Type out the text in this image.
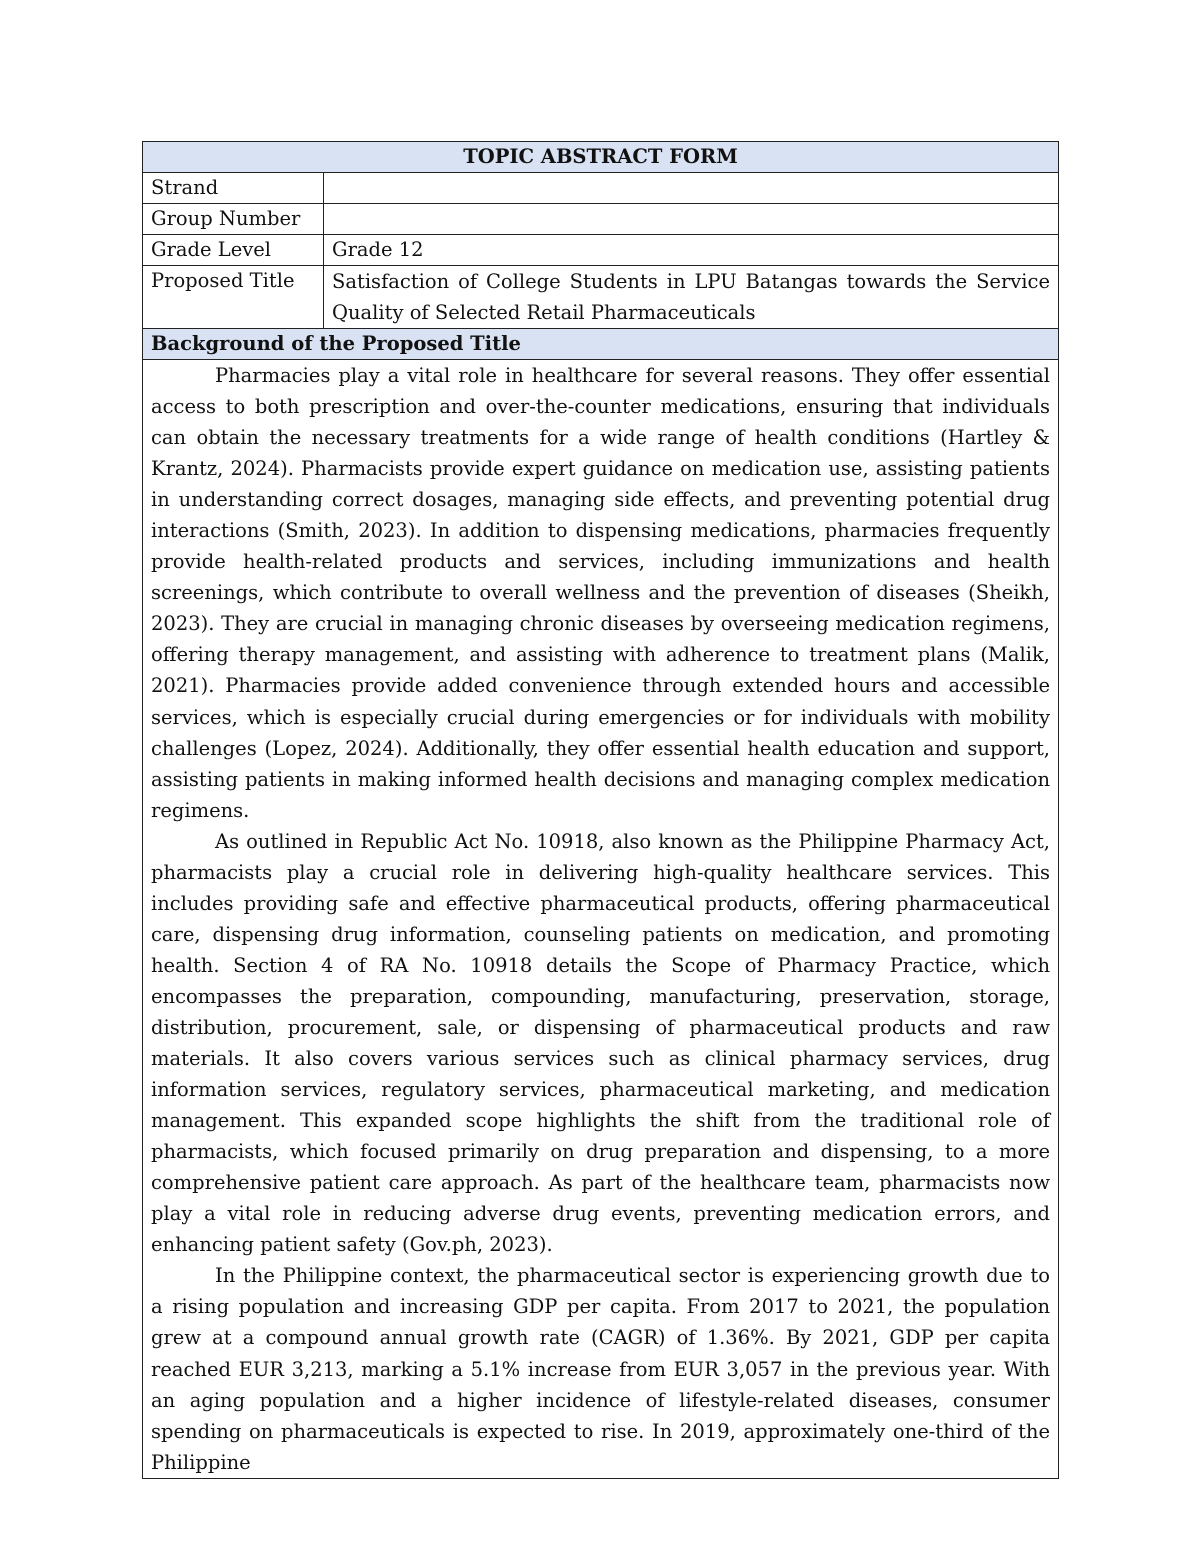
TOPIC ABSTRACT FORM	
Strand	
Group Number	
Grade Level	Grade 12
Proposed Title	Satisfaction of College Students in LPU Batangas towards the Service Quality of Selected Retail Pharmaceuticals
Background of the Proposed Title	

Pharmacies play a vital role in healthcare for several reasons. They offer essential access to both prescription and over-the-counter medications, ensuring that individuals can obtain the necessary treatments for a wide range of health conditions (Hartley & Krantz, 2024). Pharmacists provide expert guidance on medication use, assisting patients in understanding correct dosages, managing side effects, and preventing potential drug interactions (Smith, 2023). In addition to dispensing medications, pharmacies frequently provide health-related products and services, including immunizations and health screenings, which contribute to overall wellness and the prevention of diseases (Sheikh, 2023). They are crucial in managing chronic diseases by overseeing medication regimens, offering therapy management, and assisting with adherence to treatment plans (Malik, 2021). Pharmacies provide added convenience through extended hours and accessible services, which is especially crucial during emergencies or for individuals with mobility challenges (Lopez, 2024). Additionally, they offer essential health education and support, assisting patients in making informed health decisions and managing complex medication regimens.

As outlined in Republic Act No. 10918, also known as the Philippine Pharmacy Act, pharmacists play a crucial role in delivering high-quality healthcare services. This includes providing safe and effective pharmaceutical products, offering pharmaceutical care, dispensing drug information, counseling patients on medication, and promoting health. Section 4 of RA No. 10918 details the Scope of Pharmacy Practice, which encompasses the preparation, compounding, manufacturing, preservation, storage, distribution, procurement, sale, or dispensing of pharmaceutical products and raw materials. It also covers various services such as clinical pharmacy services, drug information services, regulatory services, pharmaceutical marketing, and medication management. This expanded scope highlights the shift from the traditional role of pharmacists, which focused primarily on drug preparation and dispensing, to a more comprehensive patient care approach. As part of the healthcare team, pharmacists now play a vital role in reducing adverse drug events, preventing medication errors, and enhancing patient safety (Gov.ph, 2023).

In the Philippine context, the pharmaceutical sector is experiencing growth due to a rising population and increasing GDP per capita. From 2017 to 2021, the population grew at a compound annual growth rate (CAGR) of 1.36%. By 2021, GDP per capita reached EUR 3,213, marking a 5.1% increase from EUR 3,057 in the previous year. With an aging population and a higher incidence of lifestyle-related diseases, consumer spending on pharmaceuticals is expected to rise. In 2019, approximately one-third of the Philippine	
